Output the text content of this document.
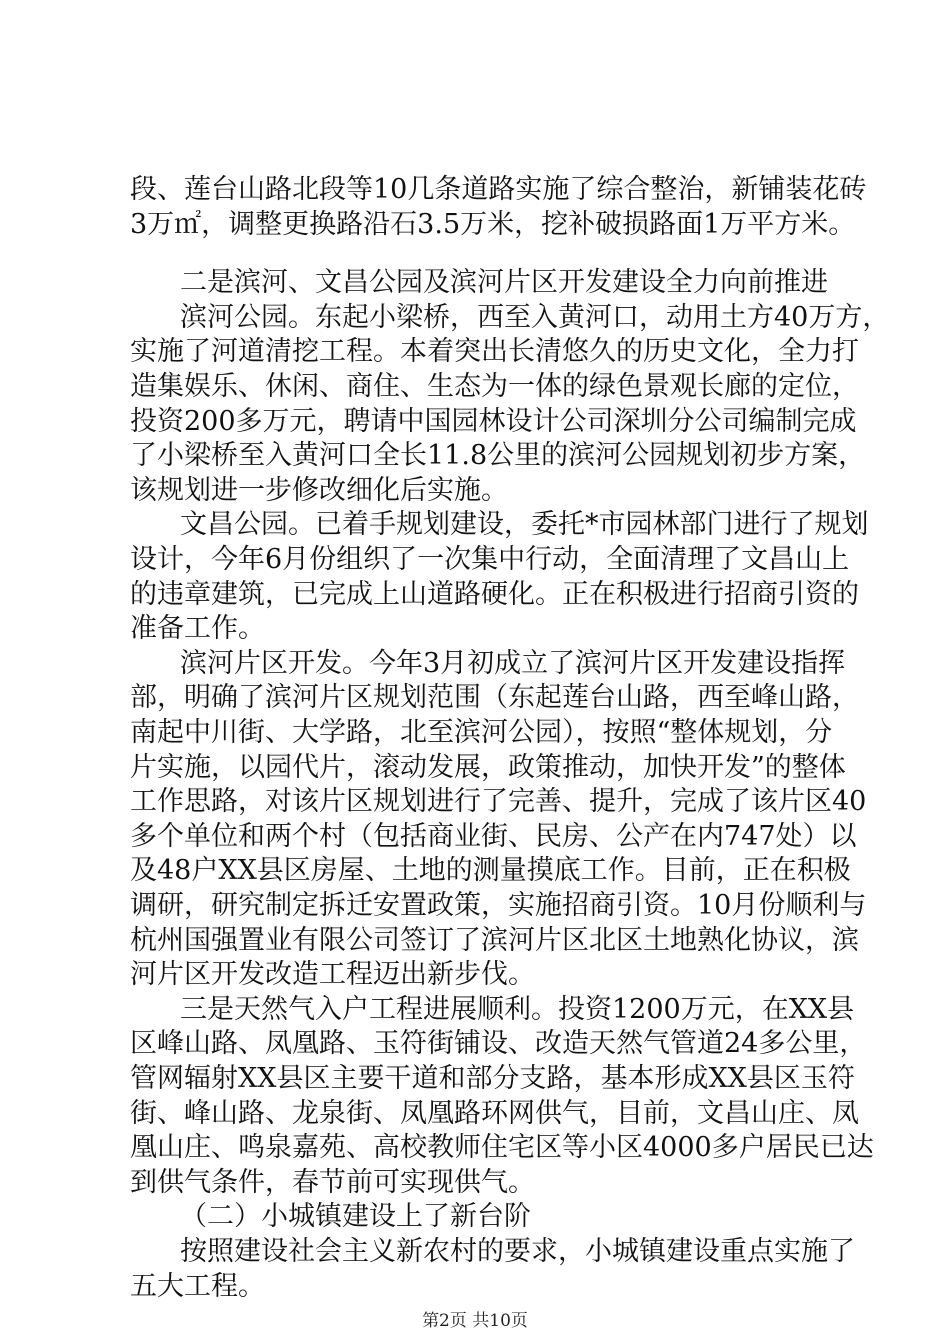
段、莲台山路北段等10几条道路实施了综合整治，新铺装花砖
3万㎡，调整更换路沿石3.5万米，挖补破损路面1万平方米。
二是滨河、文昌公园及滨河片区开发建设全力向前推进
滨河公园。东起小梁桥，西至入黄河口，动用土方40万方，
实施了河道清挖工程。本着突出长清悠久的历史文化，全力打
造集娱乐、休闲、商住、生态为一体的绿色景观长廊的定位，
投资200多万元，聘请中国园林设计公司深圳分公司编制完成
了小梁桥至入黄河口全长11.8公里的滨河公园规划初步方案，
该规划进一步修改细化后实施。
文昌公园。已着手规划建设，委托*市园林部门进行了规划
设计，今年6月份组织了一次集中行动，全面清理了文昌山上
的违章建筑，已完成上山道路硬化。正在积极进行招商引资的
准备工作。
滨河片区开发。今年3月初成立了滨河片区开发建设指挥
部，明确了滨河片区规划范围（东起莲台山路，西至峰山路，
南起中川街、大学路，北至滨河公园），按照“整体规划，分
片实施，以园代片，滚动发展，政策推动，加快开发”的整体
工作思路，对该片区规划进行了完善、提升，完成了该片区40
多个单位和两个村（包括商业街、民房、公产在内747处）以
及48户XX县区房屋、土地的测量摸底工作。目前，正在积极
调研，研究制定拆迁安置政策，实施招商引资。10月份顺利与
杭州国强置业有限公司签订了滨河片区北区土地熟化协议，滨
河片区开发改造工程迈出新步伐。
三是天然气入户工程进展顺利。投资1200万元，在XX县
区峰山路、凤凰路、玉符街铺设、改造天然气管道24多公里，
管网辐射XX县区主要干道和部分支路，基本形成XX县区玉符
街、峰山路、龙泉街、凤凰路环网供气，目前，文昌山庄、凤
凰山庄、鸣泉嘉苑、高校教师住宅区等小区4000多户居民已达
到供气条件，春节前可实现供气。
（二）小城镇建设上了新台阶
按照建设社会主义新农村的要求，小城镇建设重点实施了
五大工程。
第2页 共10页
